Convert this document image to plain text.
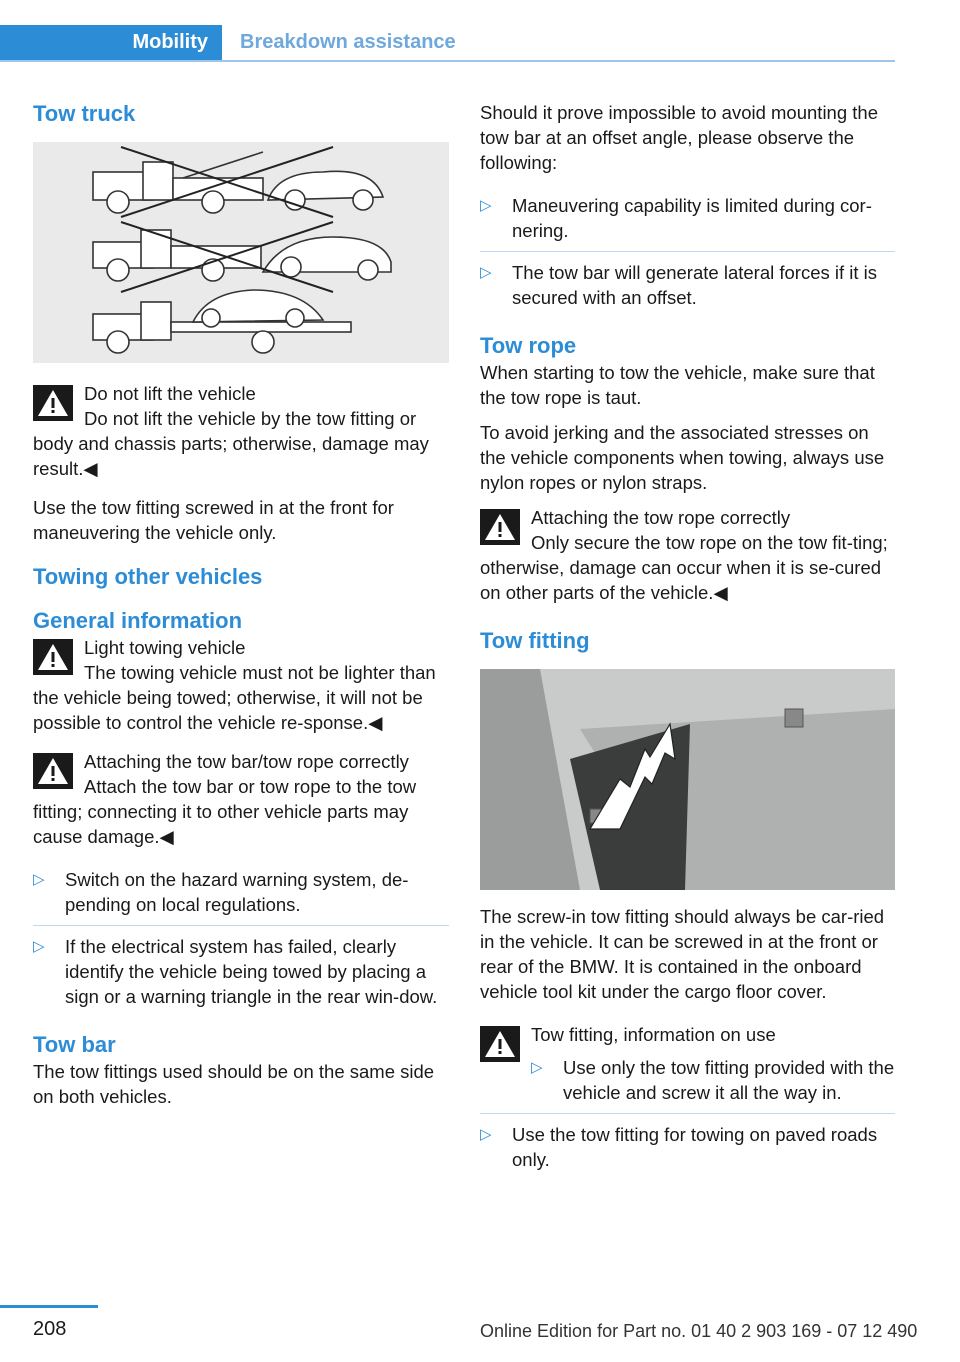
Mobility	Breakdown assistance
Tow truck
Do not lift the vehicle
Do not lift the vehicle by the tow fitting or body and chassis parts; otherwise, damage may result.◀

Use the tow fitting screwed in at the front for maneuvering the vehicle only.

Towing other vehicles
General information
Light towing vehicle
The towing vehicle must not be lighter than the vehicle being towed; otherwise, it will not be possible to control the vehicle re‐sponse.◀
Attaching the tow bar/tow rope correctly
Attach the tow bar or tow rope to the tow fitting; connecting it to other vehicle parts may cause damage.◀
▷ Switch on the hazard warning system, de‐pending on local regulations.
▷ If the electrical system has failed, clearly identify the vehicle being towed by placing a sign or a warning triangle in the rear win‐dow.
Tow bar

The tow fittings used should be on the same side on both vehicles.

Should it prove impossible to avoid mounting the tow bar at an offset angle, please observe the following:

▷ Maneuvering capability is limited during cor‐nering.
▷ The tow bar will generate lateral forces if it is secured with an offset.
Tow rope

When starting to tow the vehicle, make sure that the tow rope is taut.

To avoid jerking and the associated stresses on the vehicle components when towing, always use nylon ropes or nylon straps.

Attaching the tow rope correctly
Only secure the tow rope on the tow fit‐ting; otherwise, damage can occur when it is se‐cured on other parts of the vehicle.◀
Tow fitting

The screw-in tow fitting should always be car‐ried in the vehicle. It can be screwed in at the front or rear of the BMW. It is contained in the onboard vehicle tool kit under the cargo floor cover.

Tow fitting, information on use
▷ Use only the tow fitting provided with the vehicle and screw it all the way in.
▷ Use the tow fitting for towing on paved roads only.
208	Online Edition for Part no. 01 40 2 903 169 - 07 12 490
